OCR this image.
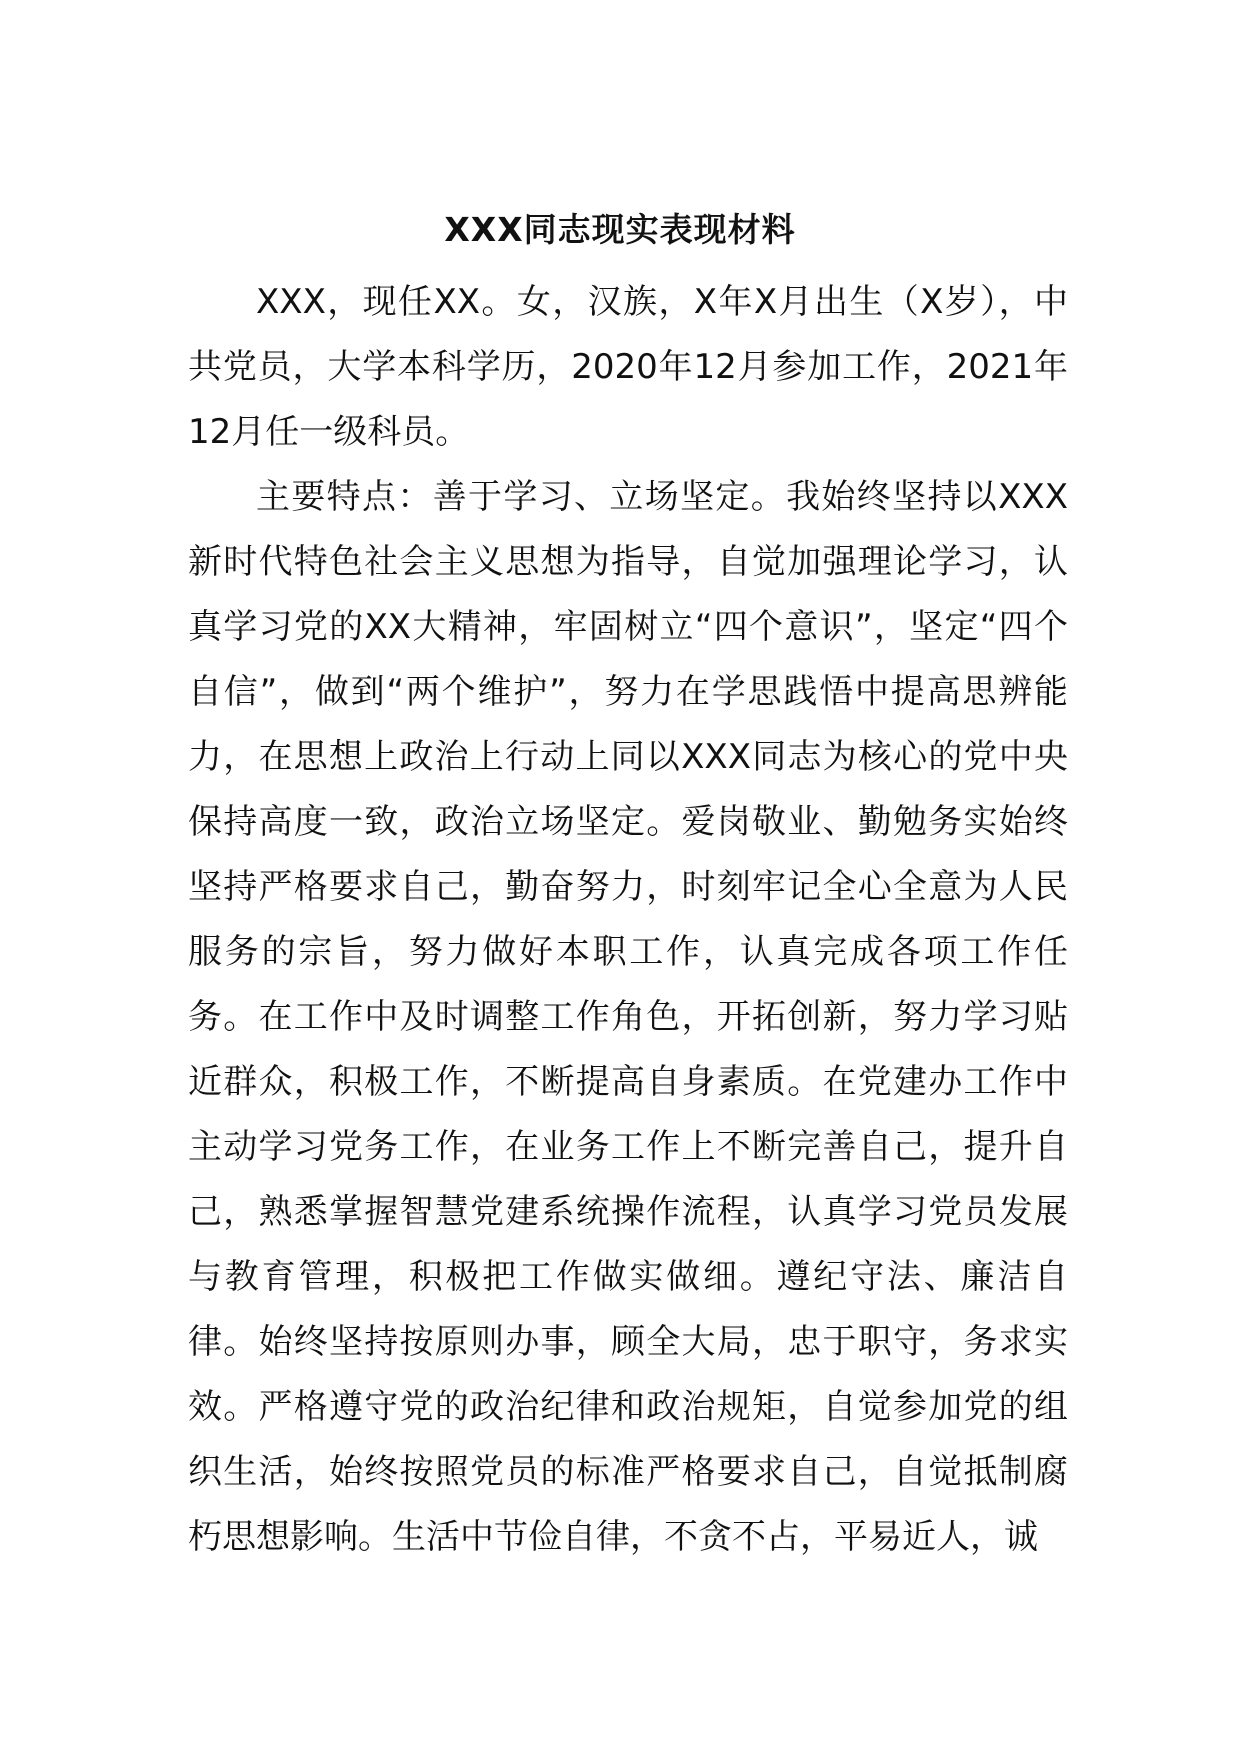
XXX同志现实表现材料

XXX，现任XX。女，汉族，X年X月出生（X岁），中共党员，大学本科学历，2020年12月参加工作，2021年12月任一级科员。

主要特点：善于学习、立场坚定。我始终坚持以XXX新时代特色社会主义思想为指导，自觉加强理论学习，认真学习党的XX大精神，牢固树立“四个意识”，坚定“四个自信”，做到“两个维护”，努力在学思践悟中提高思辨能力，在思想上政治上行动上同以XXX同志为核心的党中央保持高度一致，政治立场坚定。爱岗敬业、勤勉务实始终坚持严格要求自己，勤奋努力，时刻牢记全心全意为人民服务的宗旨，努力做好本职工作，认真完成各项工作任务。在工作中及时调整工作角色，开拓创新，努力学习贴近群众，积极工作，不断提高自身素质。在党建办工作中主动学习党务工作，在业务工作上不断完善自己，提升自己，熟悉掌握智慧党建系统操作流程，认真学习党员发展与教育管理，积极把工作做实做细。遵纪守法、廉洁自律。始终坚持按原则办事，顾全大局，忠于职守，务求实效。严格遵守党的政治纪律和政治规矩，自觉参加党的组织生活，始终按照党员的标准严格要求自己，自觉抵制腐朽思想影响。生活中节俭自律，不贪不占，平易近人，诚
